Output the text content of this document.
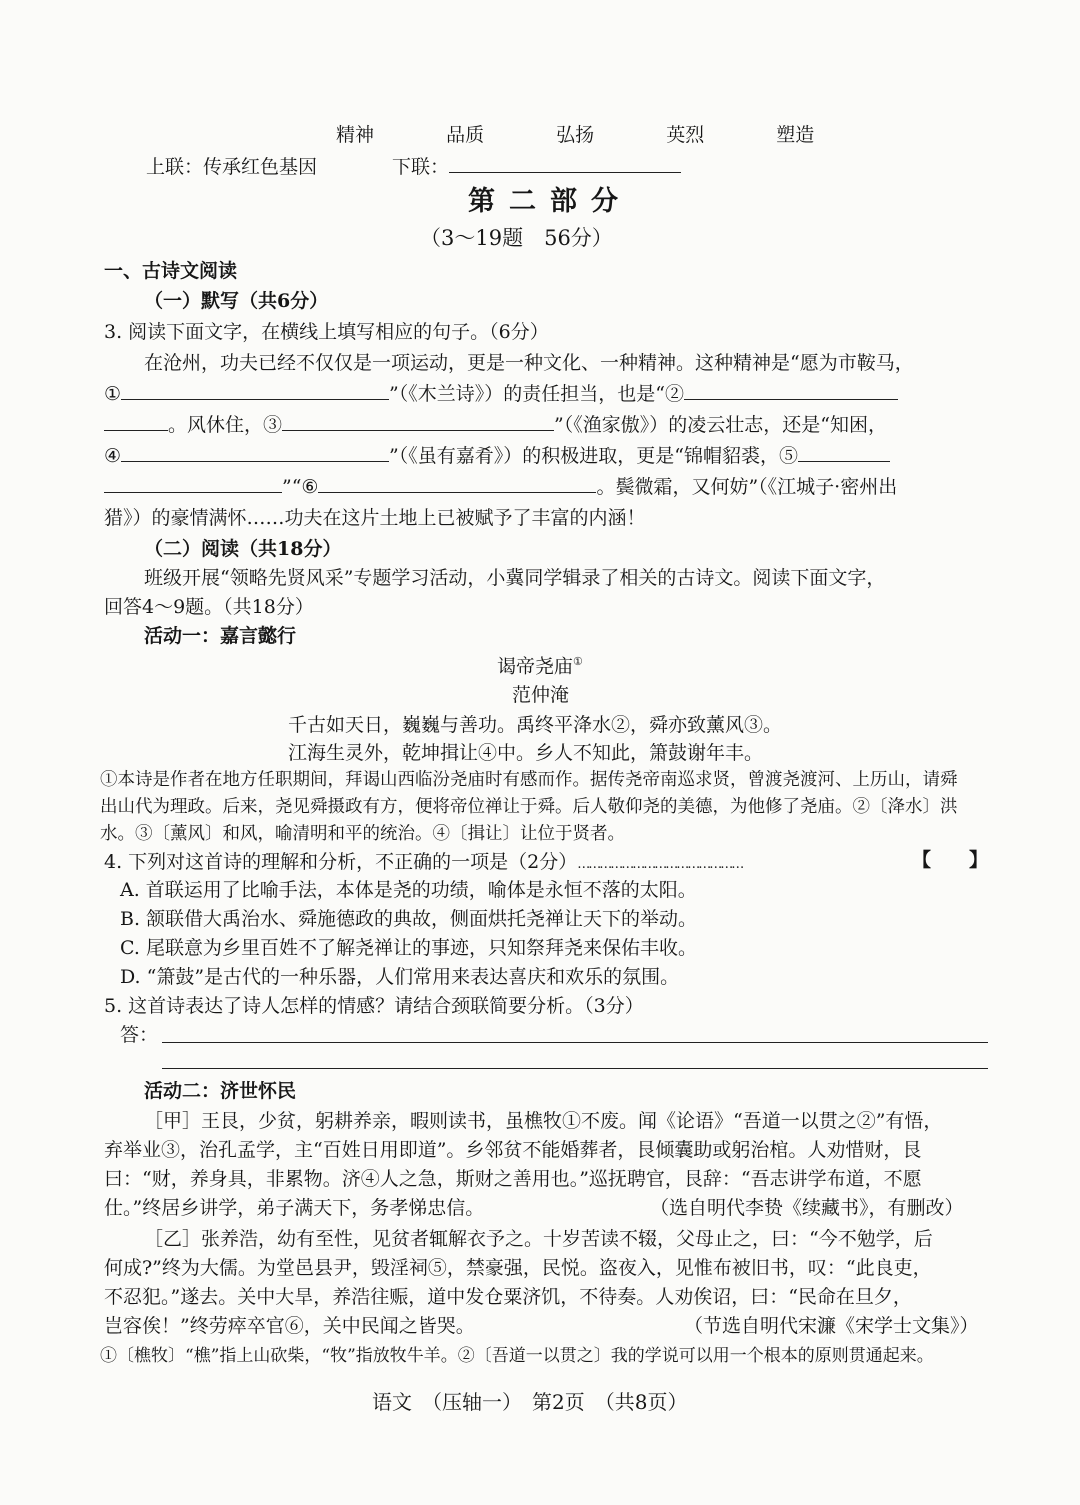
精神	品质	弘扬	英烈	塑造
上联：传承红色基因	下联：
第二部分
（3～19题　56分）
一、古诗文阅读
（一）默写（共6分）
3. 阅读下面文字，在横线上填写相应的句子。（6分）
在沧州，功夫已经不仅仅是一项运动，更是一种文化、一种精神。这种精神是“愿为市鞍马，
①	”（《木兰诗》）的责任担当，也是“②
。风休住，③	”（《渔家傲》）的凌云壮志，还是“知困，
④	”（《虽有嘉肴》）的积极进取，更是“锦帽貂裘，⑤
”“⑥	。鬓微霜，又何妨”（《江城子·密州出
猎》）的豪情满怀……功夫在这片土地上已被赋予了丰富的内涵！
（二）阅读（共18分）
班级开展“领略先贤风采”专题学习活动，小冀同学辑录了相关的古诗文。阅读下面文字，
回答4～9题。（共18分）
活动一：嘉言懿行
谒帝尧庙①
范仲淹
千古如天日，巍巍与善功。禹终平洚水②，舜亦致薰风③。
江海生灵外，乾坤揖让④中。乡人不知此，箫鼓谢年丰。
①本诗是作者在地方任职期间，拜谒山西临汾尧庙时有感而作。据传尧帝南巡求贤，曾渡尧渡河、上历山，请舜
出山代为理政。后来，尧见舜摄政有方，便将帝位禅让于舜。后人敬仰尧的美德，为他修了尧庙。②〔洚水〕洪
水。③〔薰风〕和风，喻清明和平的统治。④〔揖让〕让位于贤者。
4. 下列对这首诗的理解和分析，不正确的一项是（2分）………………………………………	【　　】
A. 首联运用了比喻手法，本体是尧的功绩，喻体是永恒不落的太阳。
B. 颔联借大禹治水、舜施德政的典故，侧面烘托尧禅让天下的举动。
C. 尾联意为乡里百姓不了解尧禅让的事迹，只知祭拜尧来保佑丰收。
D. “箫鼓”是古代的一种乐器，人们常用来表达喜庆和欢乐的氛围。
5. 这首诗表达了诗人怎样的情感？请结合颈联简要分析。（3分）
答：
活动二：济世怀民
［甲］王艮，少贫，躬耕养亲，暇则读书，虽樵牧①不废。闻《论语》“吾道一以贯之②”有悟，
弃举业③，治孔孟学，主“百姓日用即道”。乡邻贫不能婚葬者，艮倾囊助或躬治棺。人劝惜财，艮
曰：“财，养身具，非累物。济④人之急，斯财之善用也。”巡抚聘官，艮辞：“吾志讲学布道，不愿
仕。”终居乡讲学，弟子满天下，务孝悌忠信。	（选自明代李贽《续藏书》，有删改）
［乙］张养浩，幼有至性，见贫者辄解衣予之。十岁苦读不辍，父母止之，曰：“今不勉学，后
何成?”终为大儒。为堂邑县尹，毁淫祠⑤，禁豪强，民悦。盗夜入，见惟布被旧书，叹：“此良吏，
不忍犯。”遂去。关中大旱，养浩往赈，道中发仓粟济饥，不待奏。人劝俟诏，曰：“民命在旦夕，
岂容俟！”终劳瘁卒官⑥，关中民闻之皆哭。	（节选自明代宋濂《宋学士文集》）
①〔樵牧〕“樵”指上山砍柴，“牧”指放牧牛羊。②〔吾道一以贯之〕我的学说可以用一个根本的原则贯通起来。
语文　（压轴一）　第2页　（共8页）
